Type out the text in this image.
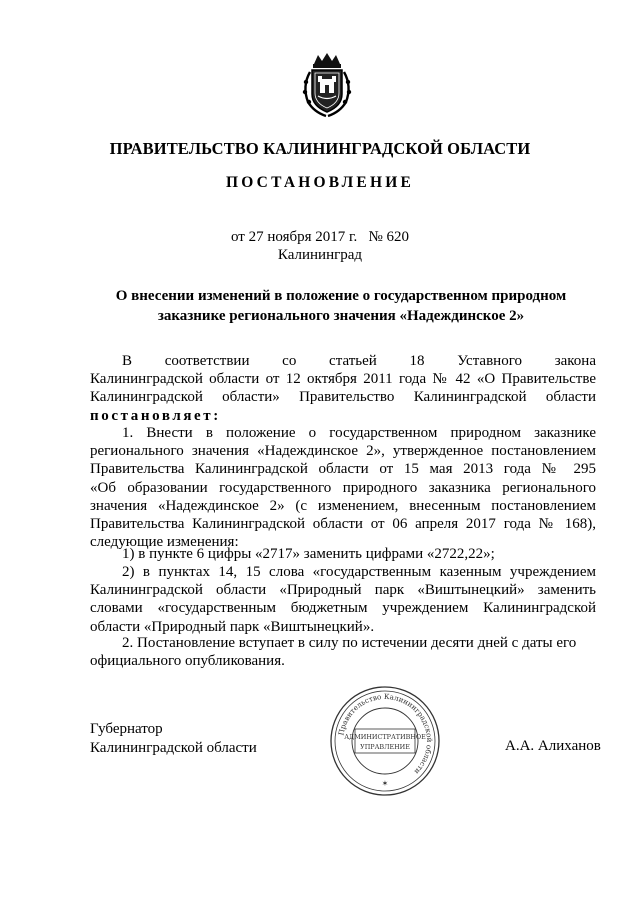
ПРАВИТЕЛЬСТВО КАЛИНИНГРАДСКОЙ ОБЛАСТИ
ПОСТАНОВЛЕНИЕ
от 27 ноября 2017 г. № 620
Калининград
О внесении изменений в положение о государственном природном
заказнике регионального значения «Надеждинское 2»
В соответствии со статьей 18 Уставного закона
Калининградской области от 12 октября 2011 года № 42 «О Правительстве
Калининградской области» Правительство Калининградской области
постановляет:
1. Внести в положение о государственном природном заказнике
регионального значения «Надеждинское 2», утвержденное постановлением
Правительства Калининградской области от 15 мая 2013 года № 295
«Об образовании государственного природного заказника регионального
значения «Надеждинское 2» (с изменением, внесенным постановлением
Правительства Калининградской области от 06 апреля 2017 года № 168),
следующие изменения:
1) в пункте 6 цифры «2717» заменить цифрами «2722,22»;
2) в пунктах 14, 15 слова «государственным казенным учреждением
Калининградской области «Природный парк «Виштынецкий» заменить
словами «государственным бюджетным учреждением Калининградской
области «Природный парк «Виштынецкий».
2. Постановление вступает в силу по истечении десяти дней с даты его
официального опубликования.
Губернатор
Калининградской области	А.А. Алиханов
Правительство Калининградской области
АДМИНИСТРАТИВНОЕ
УПРАВЛЕНИЕ
✶
